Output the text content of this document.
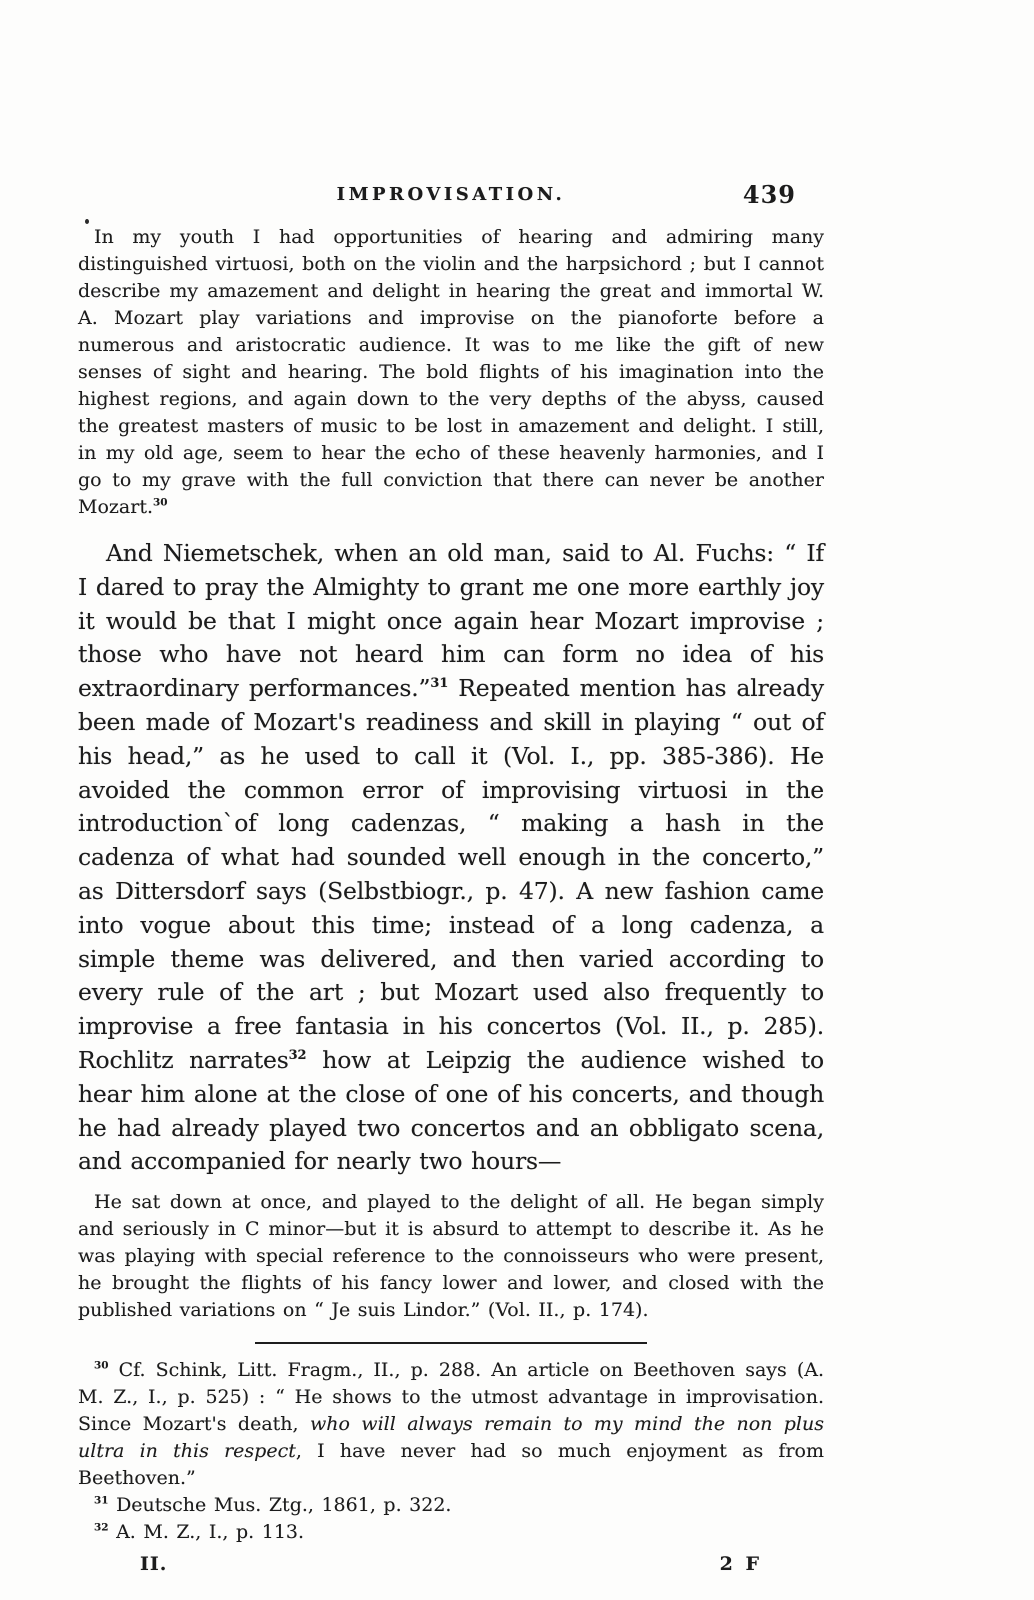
IMPROVISATION.	439

In my youth I had opportunities of hearing and admiring many distinguished virtuosi, both on the violin and the harpsichord ; but I cannot describe my amazement and delight in hearing the great and immortal W. A. Mozart play variations and improvise on the pianoforte before a numerous and aristocratic audience. It was to me like the gift of new senses of sight and hearing. The bold flights of his imagination into the highest regions, and again down to the very depths of the abyss, caused the greatest masters of music to be lost in amazement and delight. I still, in my old age, seem to hear the echo of these heavenly harmonies, and I go to my grave with the full conviction that there can never be another Mozart.$^{30}$

And Niemetschek, when an old man, said to Al. Fuchs: “ If I dared to pray the Almighty to grant me one more earthly joy it would be that I might once again hear Mozart improvise ; those who have not heard him can form no idea of his extraordinary performances.”$^{31}$ Repeated mention has already been made of Mozart's readiness and skill in playing “ out of his head,” as he used to call it (Vol. I., pp. 385-386). He avoided the common error of improvising virtuosi in the introduction`of long cadenzas, “ making a hash in the cadenza of what had sounded well enough in the concerto,” as Dittersdorf says (Selbstbiogr., p. 47). A new fashion came into vogue about this time; instead of a long cadenza, a simple theme was delivered, and then varied according to every rule of the art ; but Mozart used also frequently to improvise a free fantasia in his concertos (Vol. II., p. 285). Rochlitz narrates$^{32}$ how at Leipzig the audience wished to hear him alone at the close of one of his concerts, and though he had already played two concertos and an obbligato scena, and accompanied for nearly two hours—

He sat down at once, and played to the delight of all. He began simply and seriously in C minor—but it is absurd to attempt to describe it. As he was playing with special reference to the connoisseurs who were present, he brought the flights of his fancy lower and lower, and closed with the published variations on “ Je suis Lindor.” (Vol. II., p. 174).

$^{30}$ Cf. Schink, Litt. Fragm., II., p. 288. An article on Beethoven says (A. M. Z., I., p. 525) : “ He shows to the utmost advantage in improvisation. Since Mozart's death, who will always remain to my mind the non plus ultra in this respect, I have never had so much enjoyment as from Beethoven.”

$^{31}$ Deutsche Mus. Ztg., 1861, p. 322.

$^{32}$ A. M. Z., I., p. 113.

II.	2 F
